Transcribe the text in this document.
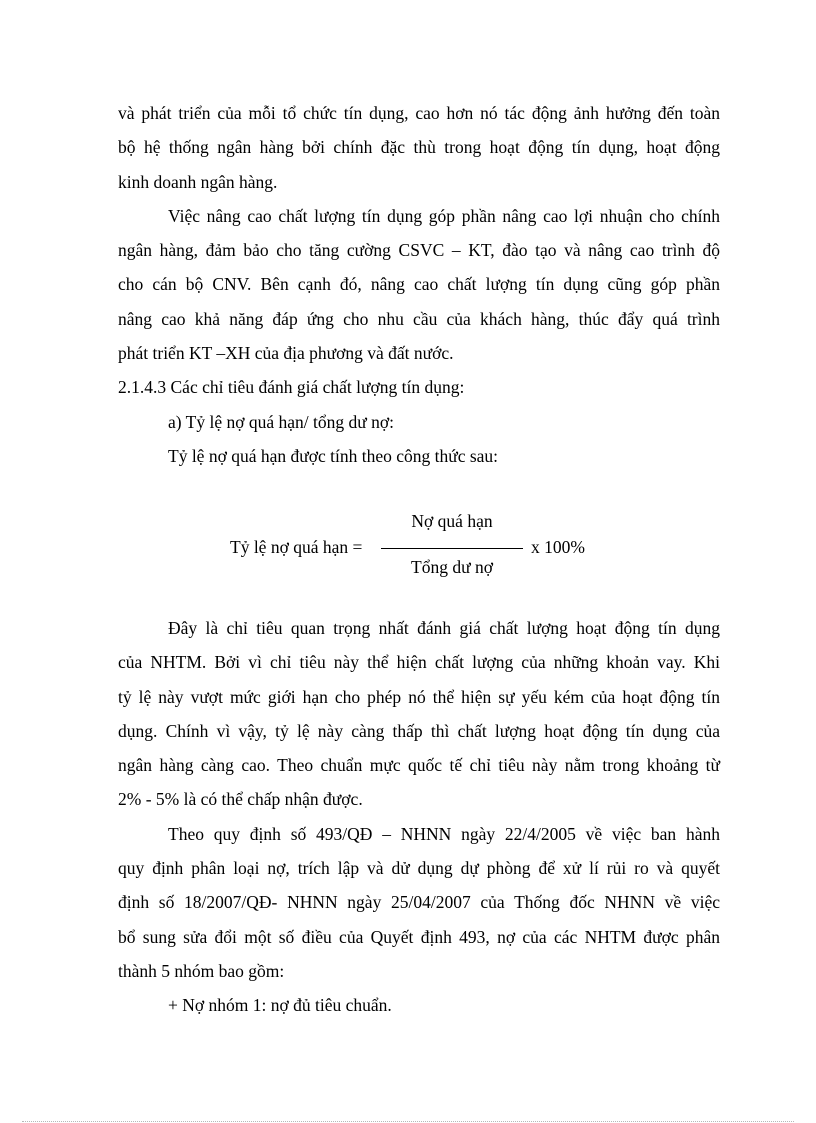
và phát triển của mỗi tổ chức tín dụng, cao hơn nó tác động ảnh hưởng đến toàn
bộ hệ thống ngân hàng bởi chính đặc thù trong hoạt động tín dụng, hoạt động
kinh doanh ngân hàng.
Việc nâng cao chất lượng tín dụng góp phần nâng cao lợi nhuận cho chính
ngân hàng, đảm bảo cho tăng cường CSVC – KT, đào tạo và nâng cao trình độ
cho cán bộ CNV. Bên cạnh đó, nâng cao chất lượng tín dụng cũng góp phần
nâng cao khả năng đáp ứng cho nhu cầu của khách hàng, thúc đẩy quá trình
phát triển KT –XH của địa phương và đất nước.
2.1.4.3 Các chỉ tiêu đánh giá chất lượng tín dụng:
a) Tỷ lệ nợ quá hạn/ tổng dư nợ:
Tỷ lệ nợ quá hạn được tính theo công thức sau:
Tỷ lệ nợ quá hạn =
Nợ quá hạn
Tổng dư nợ
x 100%
Đây là chỉ tiêu quan trọng nhất đánh giá chất lượng hoạt động tín dụng
của NHTM. Bởi vì chỉ tiêu này thể hiện chất lượng của những khoản vay. Khi
tỷ lệ này vượt mức giới hạn cho phép nó thể hiện sự yếu kém của hoạt động tín
dụng. Chính vì vậy, tỷ lệ này càng thấp thì chất lượng hoạt động tín dụng của
ngân hàng càng cao. Theo chuẩn mực quốc tế chỉ tiêu này nằm trong khoảng từ
2% - 5% là có thể chấp nhận được.
Theo quy định số 493/QĐ – NHNN ngày 22/4/2005 về việc ban hành
quy định phân loại nợ, trích lập và dử dụng dự phòng để xử lí rủi ro và quyết
định số 18/2007/QĐ- NHNN ngày 25/04/2007 của Thống đốc NHNN về việc
bổ sung sửa đổi một số điều của Quyết định 493, nợ của các NHTM được phân
thành 5 nhóm bao gồm:
+ Nợ nhóm 1: nợ đủ tiêu chuẩn.
